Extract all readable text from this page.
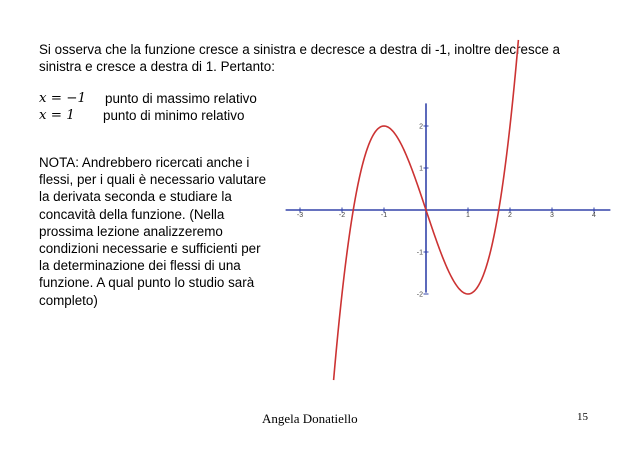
Si osserva che la funzione cresce a sinistra e decresce a destra di -1, inoltre decresce a sinistra e cresce a destra di 1. Pertanto:
x = −1	punto di massimo relativo
x = 1	punto di minimo relativo
NOTA: Andrebbero ricercati anche i flessi, per i quali è necessario valutare la derivata seconda e studiare la concavità della funzione. (Nella prossima lezione analizzeremo condizioni necessarie e sufficienti per la determinazione dei flessi di una funzione. A qual punto lo studio sarà completo)
-3	-2	-1	1	2	3	4
2
1
-1
-2
Angela Donatiello	15
